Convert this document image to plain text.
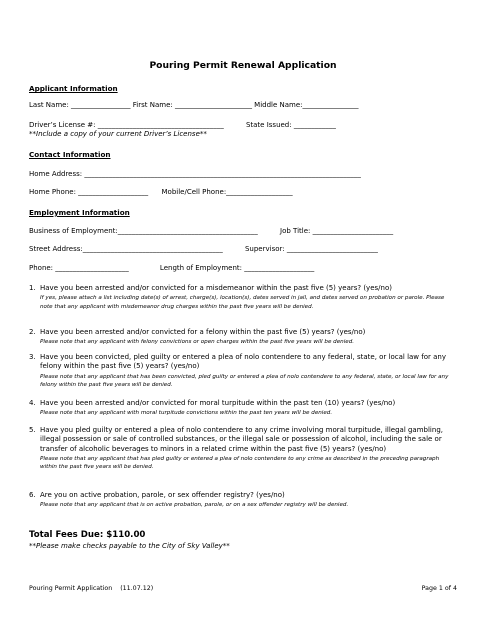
Pouring Permit Renewal Application
Applicant Information
Last Name: _________________ First Name: ______________________ Middle Name:________________
Driver’s License #: ____________________________________          State Issued: ____________
**Include a copy of your current Driver’s License**
Contact Information
Home Address: _______________________________________________________________________________
Home Phone: ____________________      Mobile/Cell Phone:___________________
Employment Information
Business of Employment:________________________________________          Job Title: _______________________
Street Address:________________________________________          Supervisor: __________________________
Phone: _____________________              Length of Employment: ____________________
1. Have you been arrested and/or convicted for a misdemeanor within the past five (5) years? (yes/no)
If yes, please attach a list including date(s) of arrest, charge(s), location(s), dates served in jail, and dates served on probation or parole. Please note that any applicant with misdemeanor drug charges within the past five years will be denied.
2. Have you been arrested and/or convicted for a felony within the past five (5) years? (yes/no)
Please note that any applicant with felony convictions or open charges within the past five years will be denied.
3. Have you been convicted, pled guilty or entered a plea of nolo contendere to any federal, state, or local law for any felony within the past five (5) years? (yes/no)
Please note that any applicant that has been convicted, pled guilty or entered a plea of nolo contendere to any federal, state, or local law for any felony within the past five years will be denied.
4. Have you been arrested and/or convicted for moral turpitude within the past ten (10) years? (yes/no)
Please note that any applicant with moral turpitude convictions within the past ten years will be denied.
5. Have you pled guilty or entered a plea of nolo contendere to any crime involving moral turpitude, illegal gambling, illegal possession or sale of controlled substances, or the illegal sale or possession of alcohol, including the sale or transfer of alcoholic beverages to minors in a related crime within the past five (5) years? (yes/no)
Please note that any applicant that has pled guilty or entered a plea of nolo contendere to any crime as described in the preceding paragraph within the past five years will be denied.
6. Are you on active probation, parole, or sex offender registry? (yes/no)
Please note that any applicant that is on active probation, parole, or on a sex offender registry will be denied.
Total Fees Due: $110.00
**Please make checks payable to the City of Sky Valley**
Pouring Permit Application    (11.07.12)	Page 1 of 4
